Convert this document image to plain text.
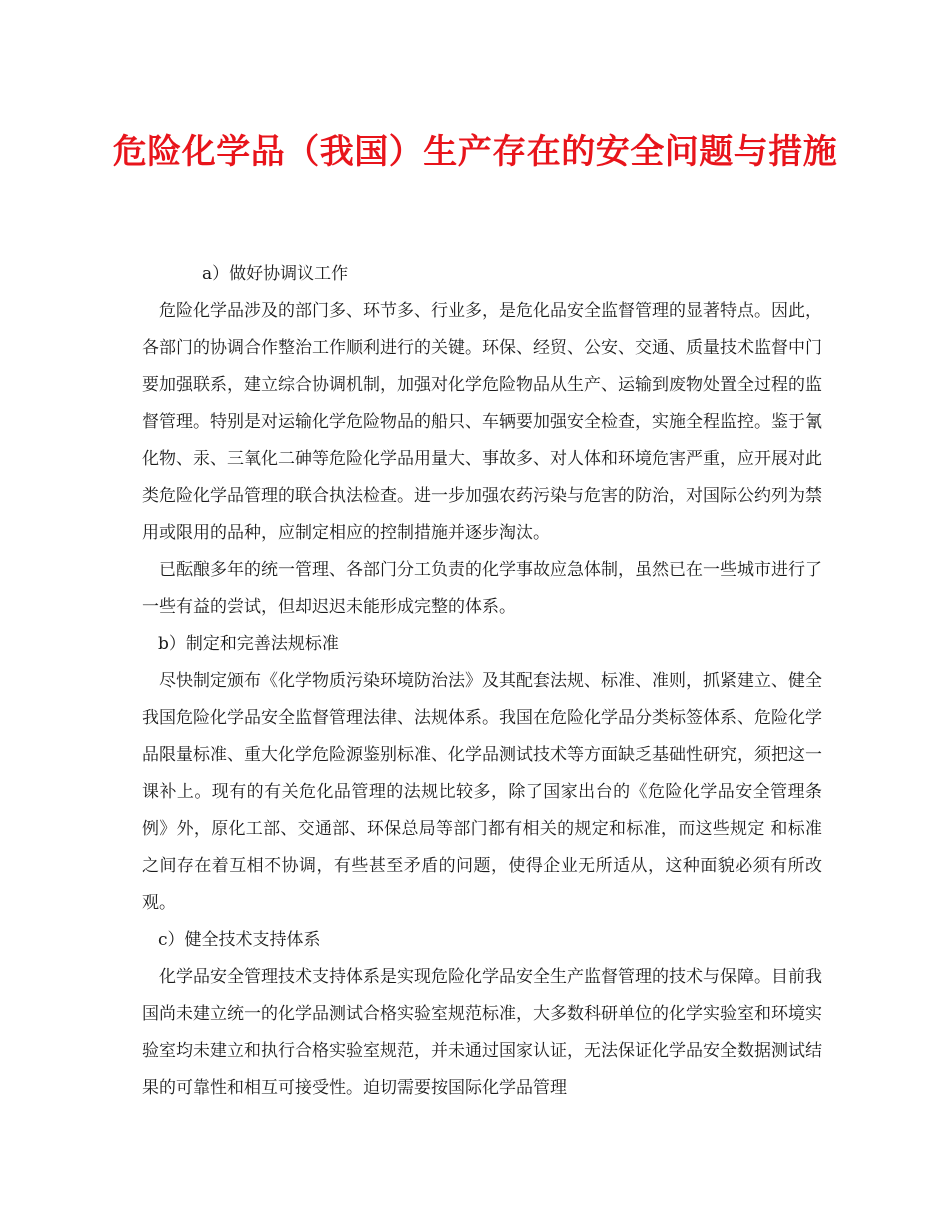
危险化学品（我国）生产存在的安全问题与措施

a）做好协调议工作

危险化学品涉及的部门多、环节多、行业多，是危化品安全监督管理的显著特点。因此，各部门的协调合作整治工作顺利进行的关键。环保、经贸、公安、交通、质量技术监督中门要加强联系，建立综合协调机制，加强对化学危险物品从生产、运输到废物处置全过程的监督管理。特别是对运输化学危险物品的船只、车辆要加强安全检查，实施全程监控。鉴于氰化物、汞、三氧化二砷等危险化学品用量大、事故多、对人体和环境危害严重，应开展对此类危险化学品管理的联合执法检查。进一步加强农药污染与危害的防治，对国际公约列为禁用或限用的品种，应制定相应的控制措施并逐步淘汰。

已酝酿多年的统一管理、各部门分工负责的化学事故应急体制，虽然已在一些城市进行了一些有益的尝试，但却迟迟未能形成完整的体系。

b）制定和完善法规标准

尽快制定颁布《化学物质污染环境防治法》及其配套法规、标准、准则，抓紧建立、健全我国危险化学品安全监督管理法律、法规体系。我国在危险化学品分类标签体系、危险化学品限量标准、重大化学危险源鉴别标准、化学品测试技术等方面缺乏基础性研究，须把这一课补上。现有的有关危化品管理的法规比较多，除了国家出台的《危险化学品安全管理条例》外，原化工部、交通部、环保总局等部门都有相关的规定和标准，而这些规定 和标准之间存在着互相不协调，有些甚至矛盾的问题，使得企业无所适从，这种面貌必须有所改观。

c）健全技术支持体系

化学品安全管理技术支持体系是实现危险化学品安全生产监督管理的技术与保障。目前我国尚未建立统一的化学品测试合格实验室规范标准，大多数科研单位的化学实验室和环境实验室均未建立和执行合格实验室规范，并未通过国家认证，无法保证化学品安全数据测试结果的可靠性和相互可接受性。迫切需要按国际化学品管理
